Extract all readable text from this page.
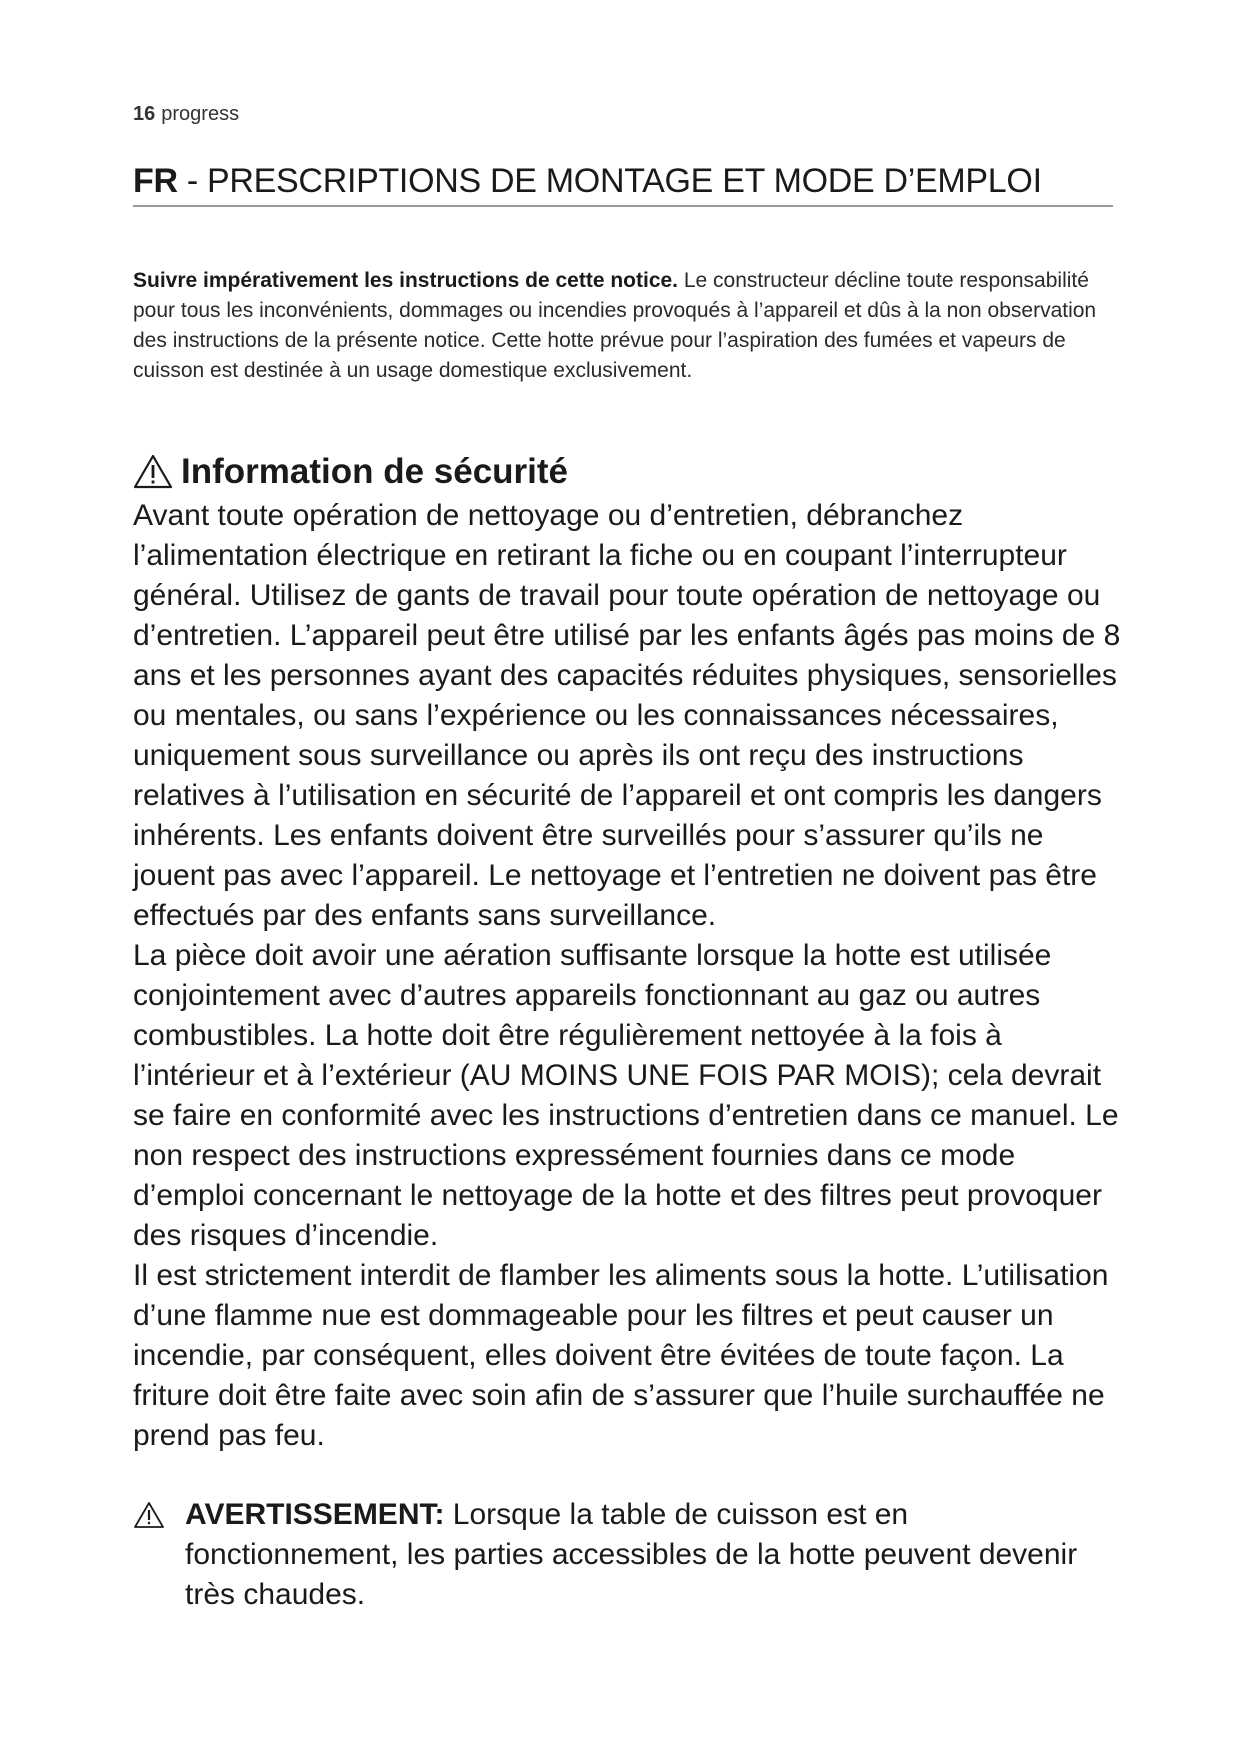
16 progress
FR - PRESCRIPTIONS DE MONTAGE ET MODE D’EMPLOI
Suivre impérativement les instructions de cette notice. Le constructeur décline toute responsabilité pour tous les inconvénients, dommages ou incendies provoqués à l’appareil et dûs à la non observation des instructions de la présente notice. Cette hotte prévue pour l’aspiration des fumées et vapeurs de cuisson est destinée à un usage domestique exclusivement.
Information de sécurité

Avant toute opération de nettoyage ou d’entretien, débranchez l’alimentation électrique en retirant la fiche ou en coupant l’interrupteur général. Utilisez de gants de travail pour toute opération de nettoyage ou d’entretien. L’appareil peut être utilisé par les enfants âgés pas moins de 8 ans et les personnes ayant des capacités réduites physiques, sensorielles ou mentales, ou sans l’expérience ou les connaissances nécessaires, uniquement sous surveillance ou après ils ont reçu des instructions relatives à l’utilisation en sécurité de l’appareil et ont compris les dangers inhérents. Les enfants doivent être surveillés pour s’assurer qu’ils ne jouent pas avec l’appareil. Le nettoyage et l’entretien ne doivent pas être effectués par des enfants sans surveillance.

La pièce doit avoir une aération suffisante lorsque la hotte est utilisée conjointement avec d’autres appareils fonctionnant au gaz ou autres combustibles. La hotte doit être régulièrement nettoyée à la fois à l’intérieur et à l’extérieur (AU MOINS UNE FOIS PAR MOIS); cela devrait se faire en conformité avec les instructions d’entretien dans ce manuel. Le non respect des instructions expressément fournies dans ce mode d’emploi concernant le nettoyage de la hotte et des filtres peut provoquer des risques d’incendie.

Il est strictement interdit de flamber les aliments sous la hotte. L’utilisation d’une flamme nue est dommageable pour les filtres et peut causer un incendie, par conséquent, elles doivent être évitées de toute façon. La friture doit être faite avec soin afin de s’assurer que l’huile surchauffée ne prend pas feu.

AVERTISSEMENT: Lorsque la table de cuisson est en fonctionnement, les parties accessibles de la hotte peuvent devenir très chaudes.
